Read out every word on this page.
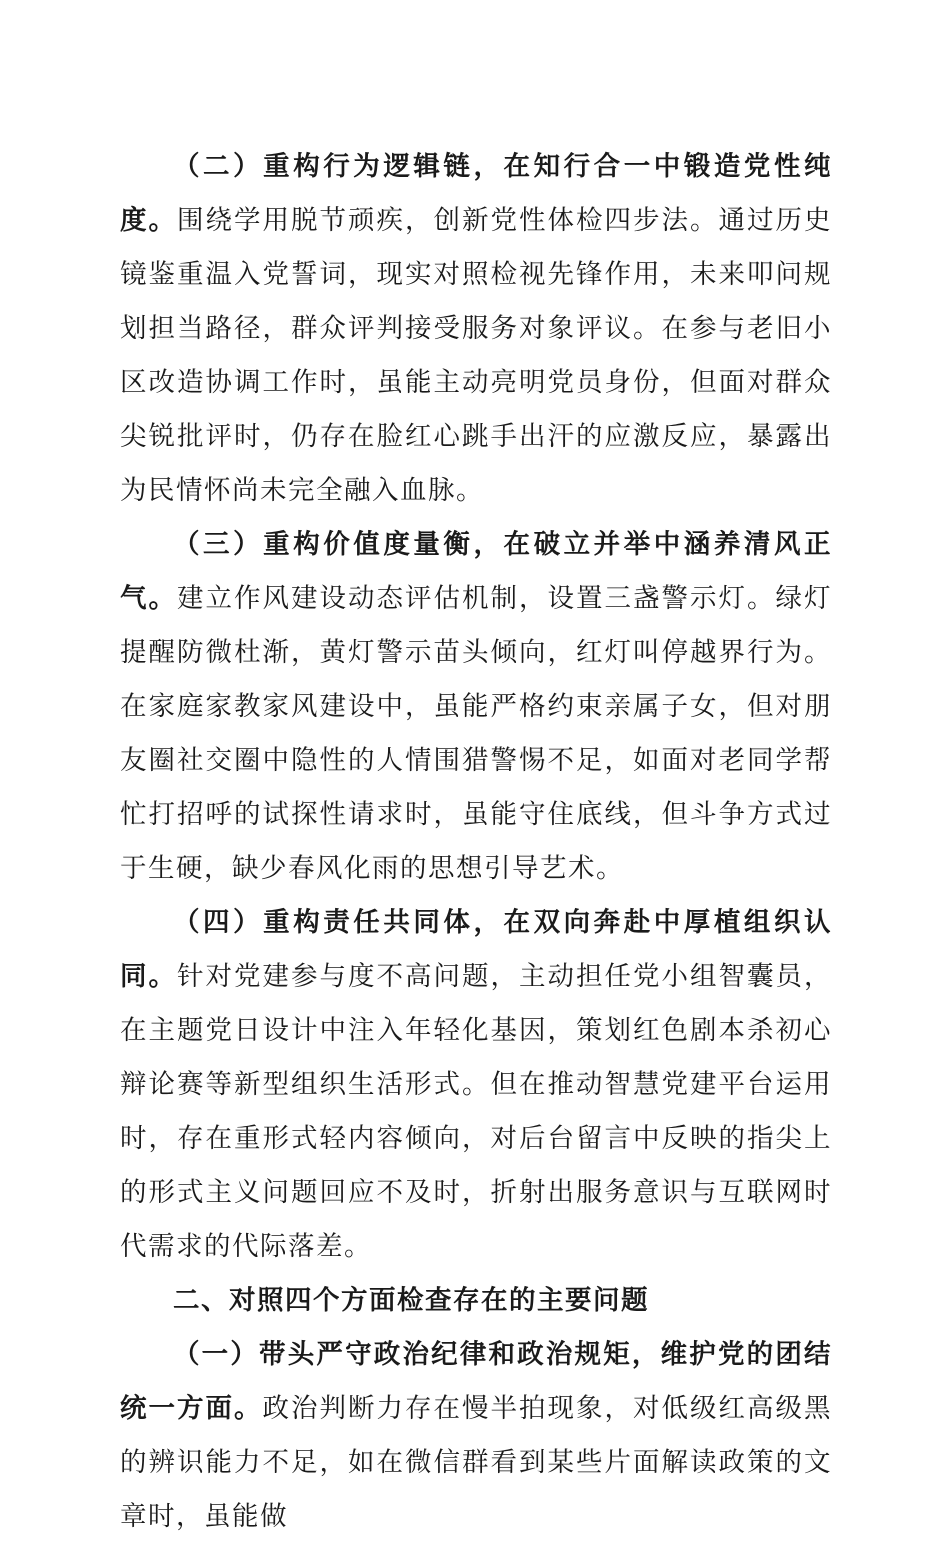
（二）重构行为逻辑链，在知行合一中锻造党性纯度。围绕学用脱节顽疾，创新党性体检四步法。通过历史镜鉴重温入党誓词，现实对照检视先锋作用，未来叩问规划担当路径，群众评判接受服务对象评议。在参与老旧小区改造协调工作时，虽能主动亮明党员身份，但面对群众尖锐批评时，仍存在脸红心跳手出汗的应激反应，暴露出为民情怀尚未完全融入血脉。

（三）重构价值度量衡，在破立并举中涵养清风正气。建立作风建设动态评估机制，设置三盏警示灯。绿灯提醒防微杜渐，黄灯警示苗头倾向，红灯叫停越界行为。在家庭家教家风建设中，虽能严格约束亲属子女，但对朋友圈社交圈中隐性的人情围猎警惕不足，如面对老同学帮忙打招呼的试探性请求时，虽能守住底线，但斗争方式过于生硬，缺少春风化雨的思想引导艺术。

（四）重构责任共同体，在双向奔赴中厚植组织认同。针对党建参与度不高问题，主动担任党小组智囊员，在主题党日设计中注入年轻化基因，策划红色剧本杀初心辩论赛等新型组织生活形式。但在推动智慧党建平台运用时，存在重形式轻内容倾向，对后台留言中反映的指尖上的形式主义问题回应不及时，折射出服务意识与互联网时代需求的代际落差。

二、对照四个方面检查存在的主要问题

（一）带头严守政治纪律和政治规矩，维护党的团结统一方面。政治判断力存在慢半拍现象，对低级红高级黑的辨识能力不足，如在微信群看到某些片面解读政策的文章时，虽能做
